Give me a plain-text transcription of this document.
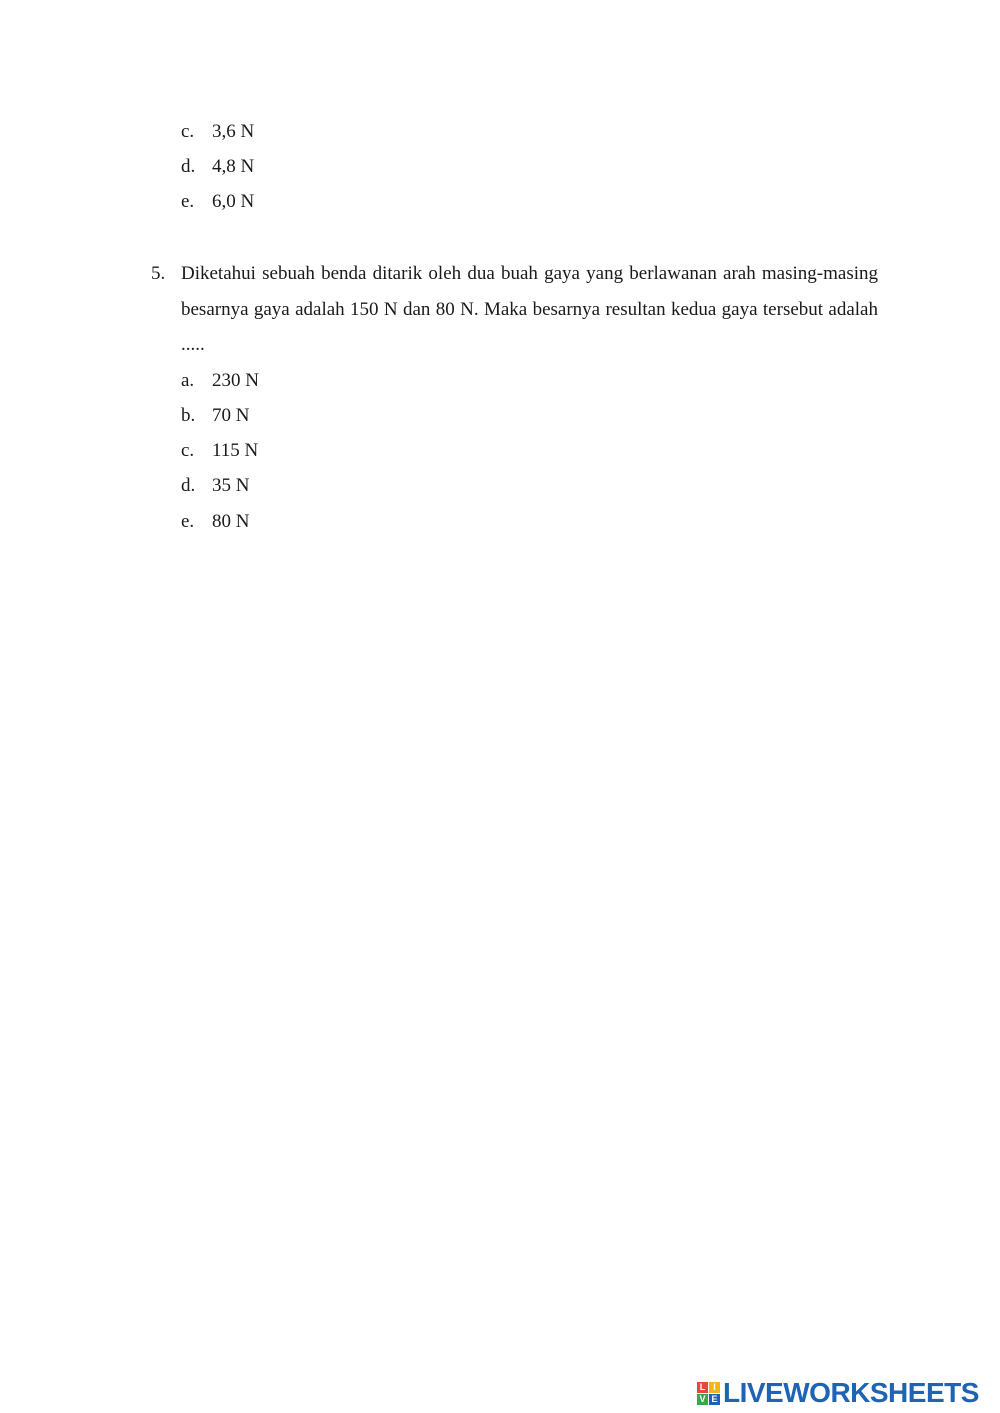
c. 3,6 N
d. 4,8 N
e. 6,0 N
5. Diketahui sebuah benda ditarik oleh dua buah gaya yang berlawanan arah masing-masing besarnya gaya adalah 150 N dan 80 N. Maka besarnya resultan kedua gaya tersebut adalah .....
a. 230 N
b. 70 N
c. 115 N
d. 35 N
e. 80 N
L I
V E LIVEWORKSHEETS
